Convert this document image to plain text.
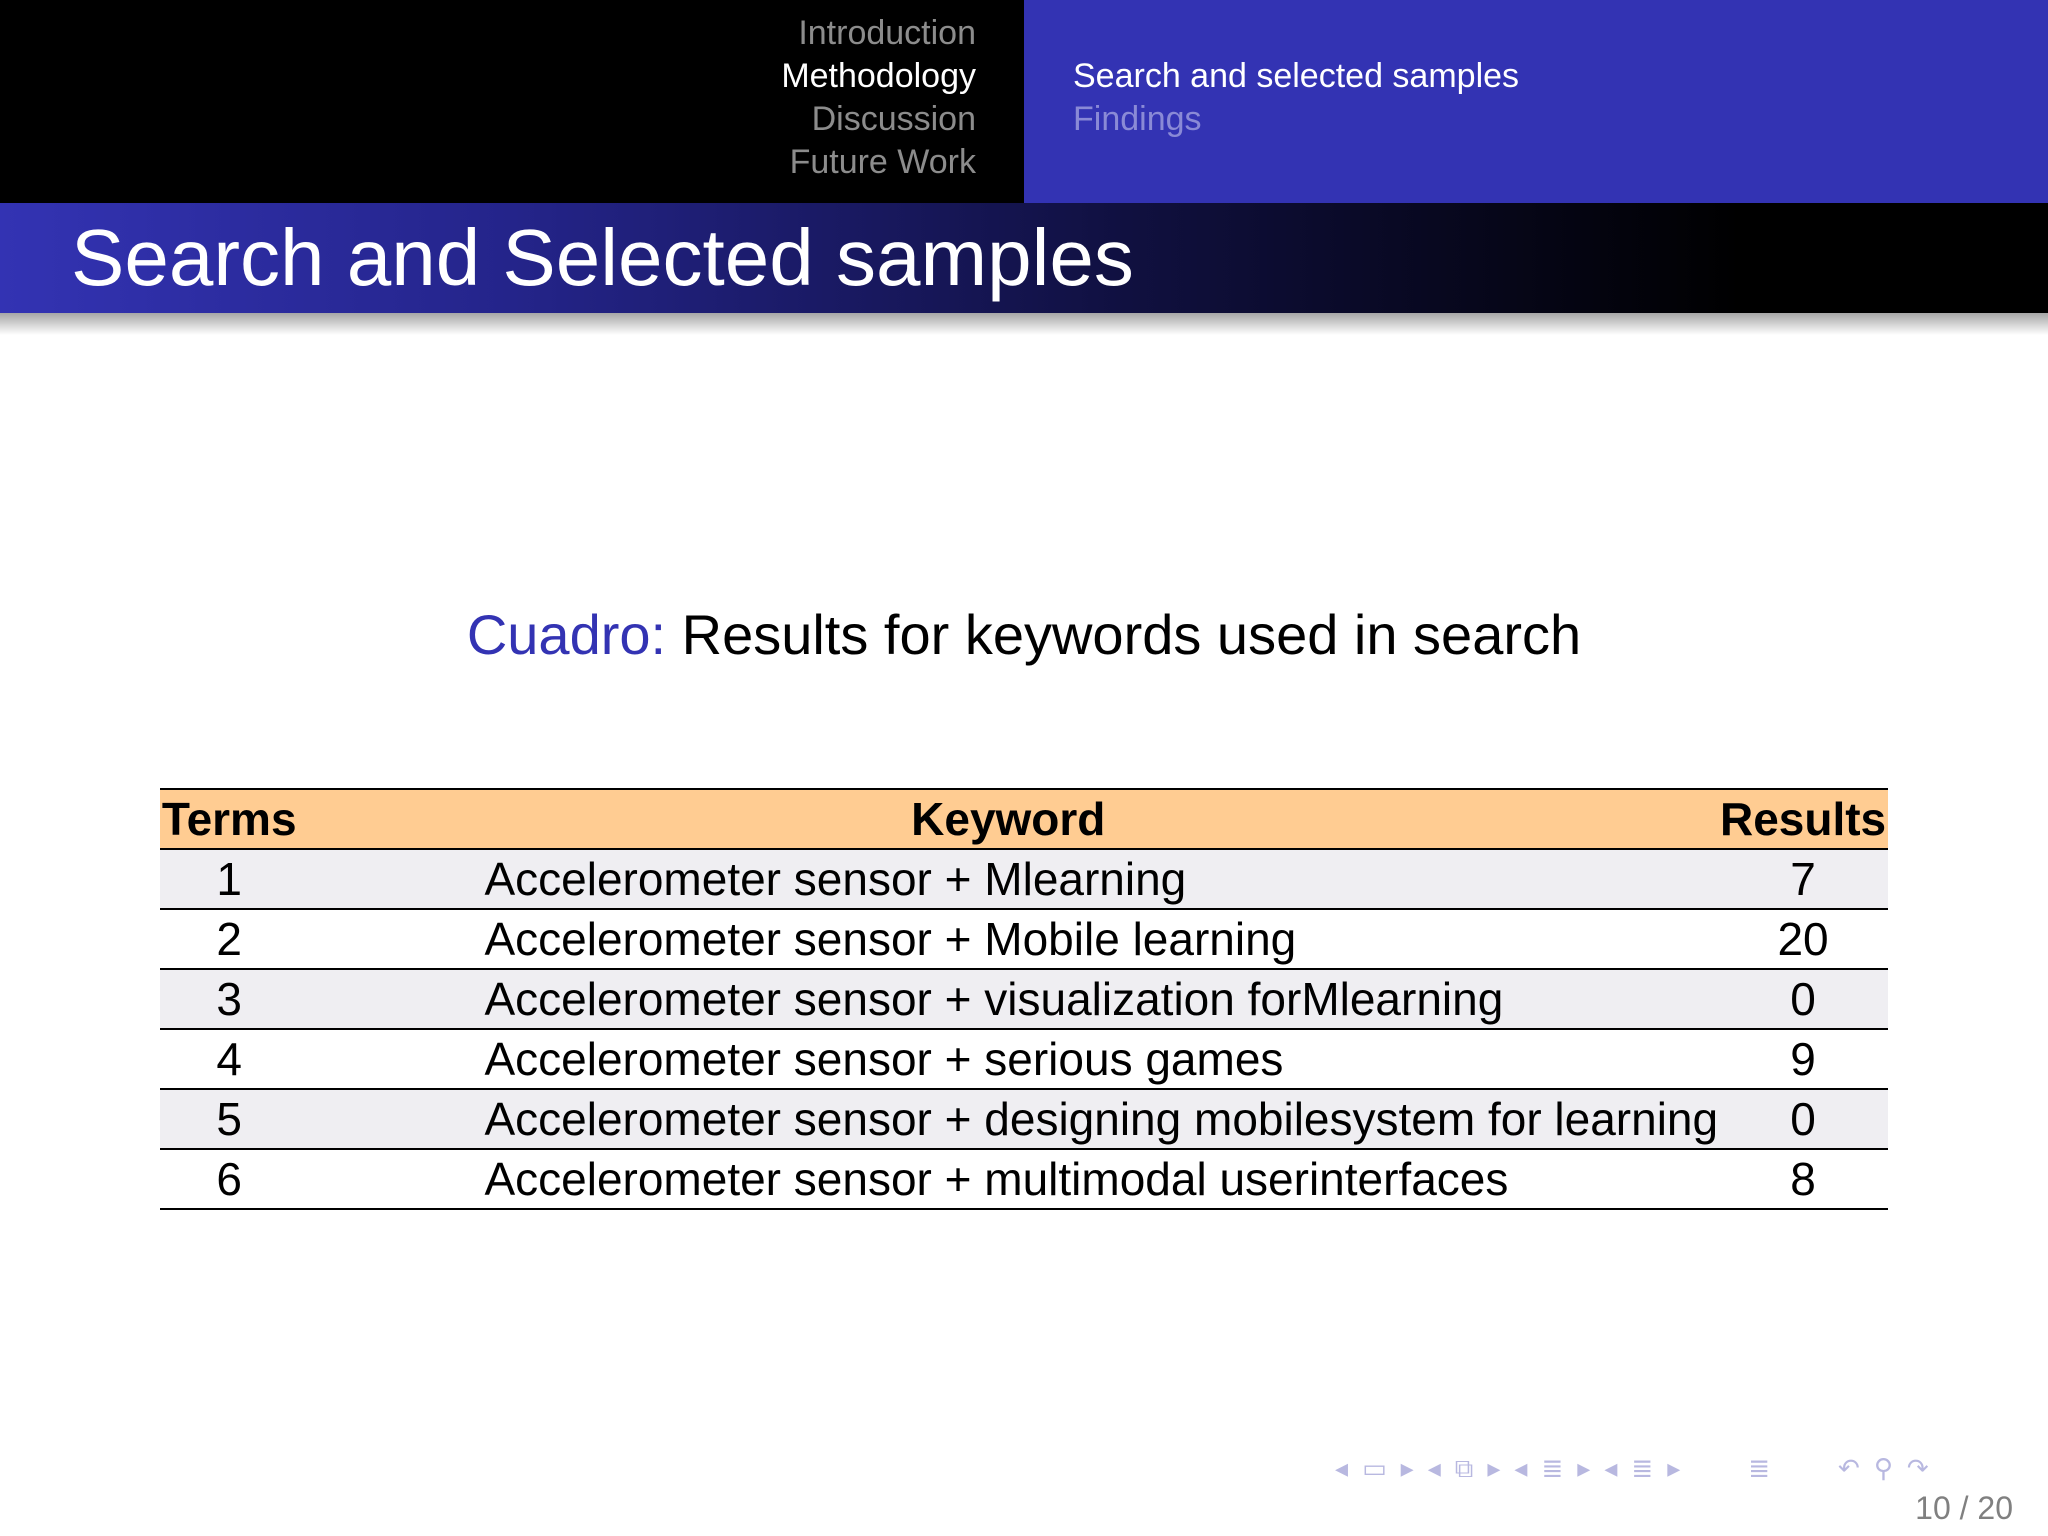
Introduction
Methodology
Discussion
Future Work
Search and selected samples
Findings
Search and Selected samples
Cuadro: Results for keywords used in search
Terms	Keyword	Results
1	Accelerometer sensor + Mlearning	7
2	Accelerometer sensor + Mobile learning	20
3	Accelerometer sensor + visualization forMlearning	0
4	Accelerometer sensor + serious games	9
5	Accelerometer sensor + designing mobilesystem for learning	0
6	Accelerometer sensor + multimodal userinterfaces	8
◂ ▭ ▸ ◂ ⧉ ▸ ◂ ≣ ▸ ◂ ≣ ▸	≣	↶ ⚲ ↷
10 / 20
